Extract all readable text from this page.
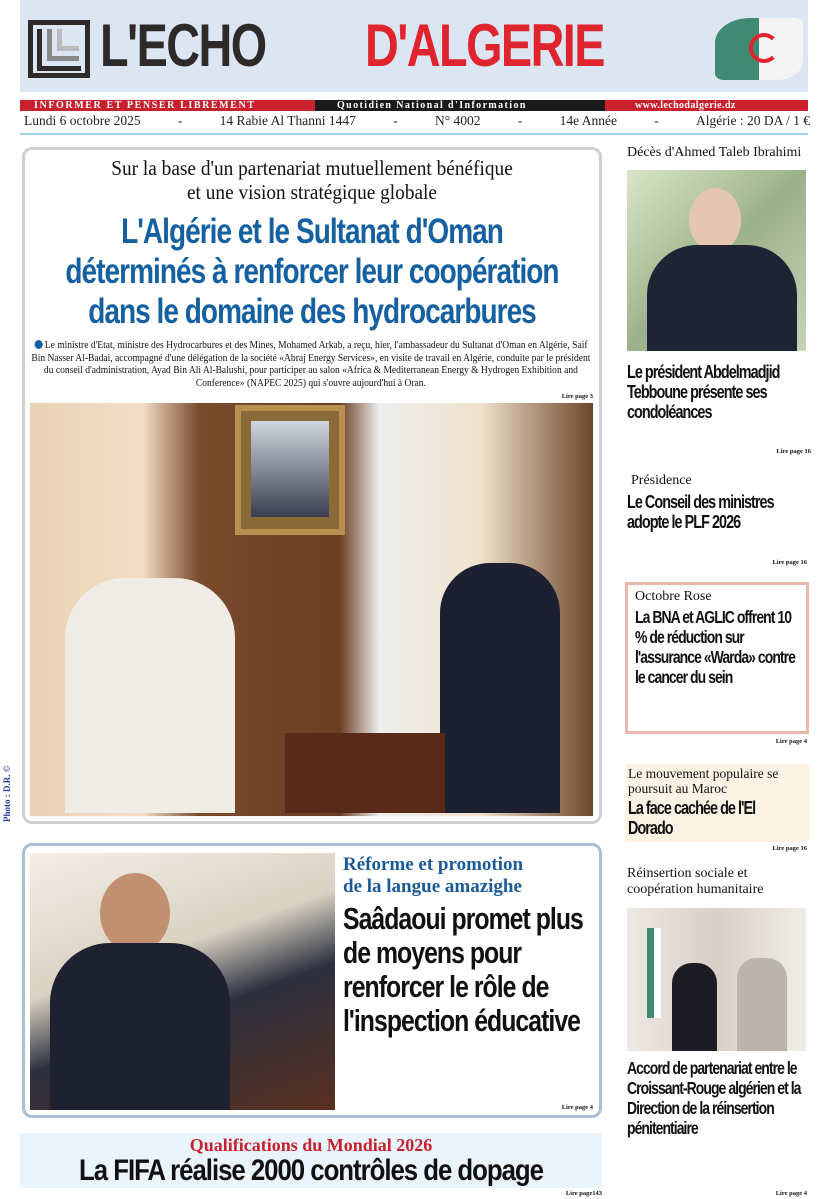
L'ECHO D'ALGERIE
INFORMER ET PENSER LIBREMENT	Quotidien National d'Information	www.lechodalgerie.dz
Lundi 6 octobre 2025	-	14 Rabie Al Thanni 1447	-	N° 4002	-	14e Année	-	Algérie : 20 DA / 1 €
Sur la base d'un partenariat mutuellement bénéfique
et une vision stratégique globale
L'Algérie et le Sultanat d'Oman
déterminés à renforcer leur coopération
dans le domaine des hydrocarbures
Le ministre d'Etat, ministre des Hydrocarbures et des Mines, Mohamed Arkab, a reçu, hier, l'ambassadeur du Sultanat d'Oman en Algérie, Saif Bin Nasser Al-Badai, accompagné d'une délégation de la société «Abraj Energy Services», en visite de travail en Algérie, conduite par le président du conseil d'administration, Ayad Bin Ali Al-Balushi, pour participer au salon «Africa & Mediterranean Energy & Hydrogen Exhibition and Conference» (NAPEC 2025) qui s'ouvre aujourd'hui à Oran.
Lire page 3
Photo : D.R. ©
Réforme et promotion
de la langue amazighe
Saâdaoui promet plus de moyens pour renforcer le rôle de l'inspection éducative
Lire page 4
Qualifications du Mondial 2026
La FIFA réalise 2000 contrôles de dopage
Lire page143
Décès d'Ahmed Taleb Ibrahimi
Le président Abdelmadjid Tebboune présente ses condoléances
Lire page 16
Présidence
Le Conseil des ministres adopte le PLF 2026
Lire page 16
Octobre Rose
La BNA et AGLIC offrent 10 % de réduction sur l'assurance «Warda» contre le cancer du sein
Lire page 4
Le mouvement populaire se poursuit au Maroc
La face cachée de l'El Dorado
Lire page 16
Réinsertion sociale et coopération humanitaire
Accord de partenariat entre le Croissant-Rouge algérien et la Direction de la réinsertion pénitentiaire
Lire page 4
